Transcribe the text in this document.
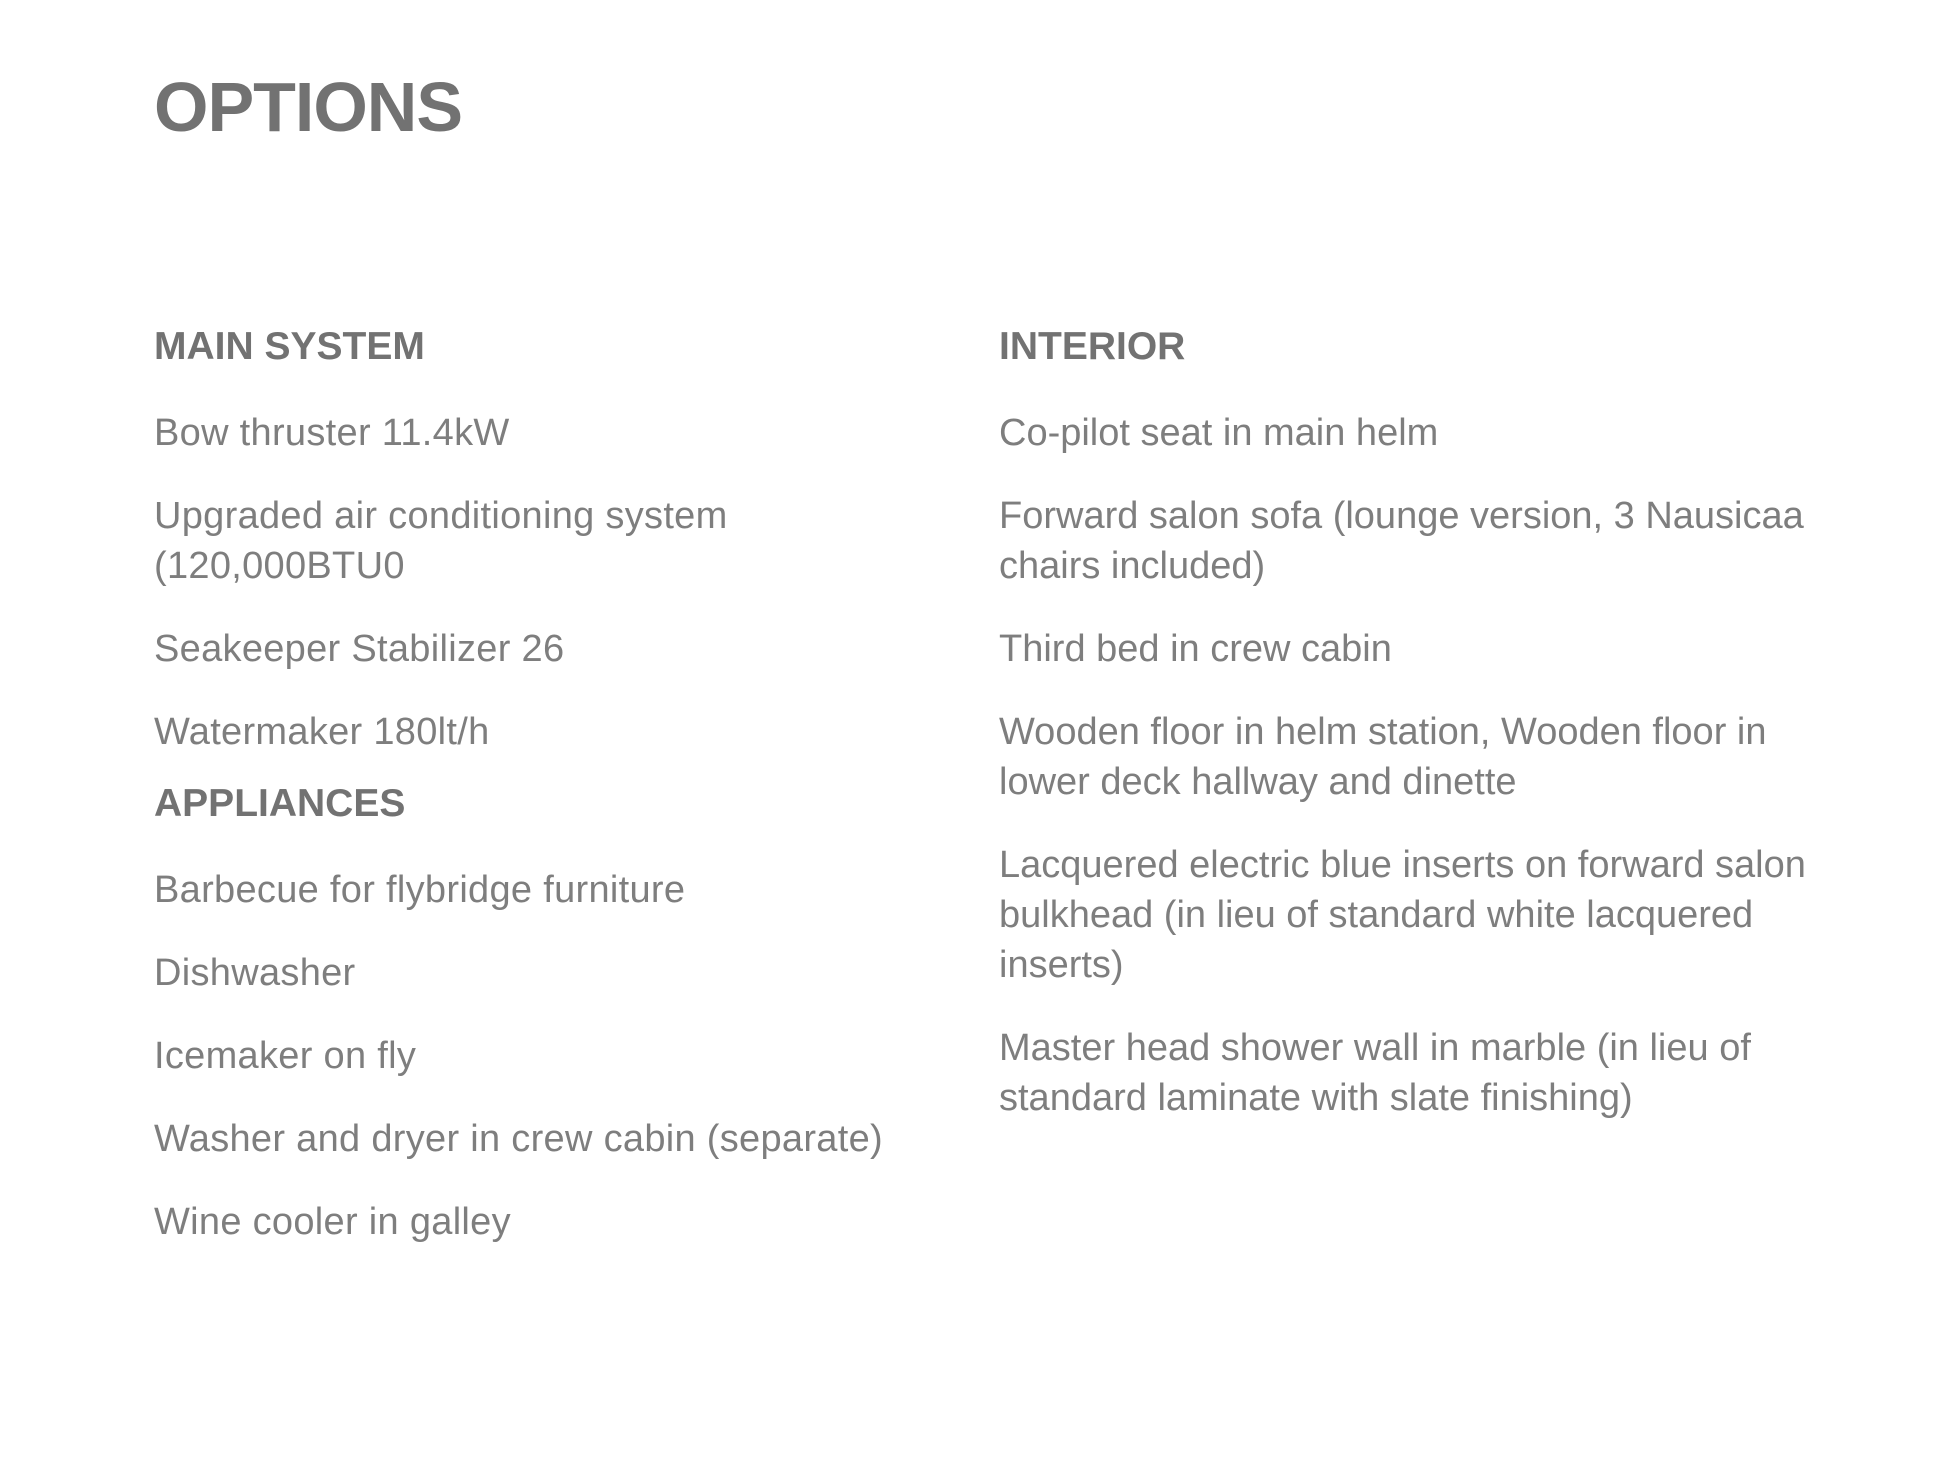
OPTIONS
MAIN SYSTEM
Bow thruster 11.4kW
Upgraded air conditioning system (120,000BTU0
Seakeeper Stabilizer 26
Watermaker 180lt/h
APPLIANCES
Barbecue for flybridge furniture
Dishwasher
Icemaker on fly
Washer and dryer in crew cabin (separate)
Wine cooler in galley
INTERIOR
Co-pilot seat in main helm
Forward salon sofa (lounge version, 3 Nausicaa chairs included)
Third bed in crew cabin
Wooden floor in helm station, Wooden floor in lower deck hallway and dinette
Lacquered electric blue inserts on forward salon bulkhead (in lieu of standard white lacquered inserts)
Master head shower wall in marble (in lieu of standard laminate with slate finishing)
